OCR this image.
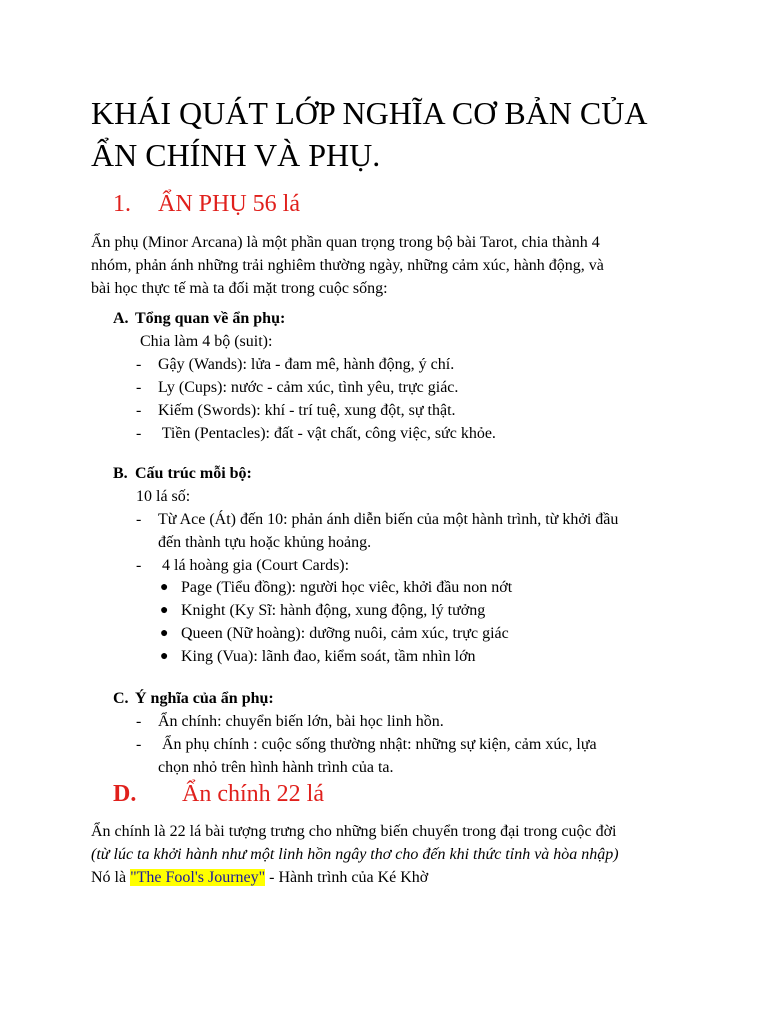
KHÁI QUÁT LỚP NGHĨA CƠ BẢN CỦA
ẨN CHÍNH VÀ PHỤ.
1. ẨN PHỤ 56 lá

Ẩn phụ (Minor Arcana) là một phần quan trọng trong bộ bài Tarot, chia thành 4
nhóm, phản ánh những trải nghiêm thường ngày, những cảm xúc, hành động, và
bài học thực tế mà ta đối mặt trong cuộc sống:

A. Tổng quan về ẩn phụ:
Chia làm 4 bộ (suit):
- Gậy (Wands): lửa - đam mê, hành động, ý chí.
- Ly (Cups): nước - cảm xúc, tình yêu, trực giác.
- Kiếm (Swords): khí - trí tuệ, xung đột, sự thật.
- Tiền (Pentacles): đất - vật chất, công việc, sức khỏe.
B. Cấu trúc mỗi bộ:
10 lá số:
- Từ Ace (Át) đến 10: phản ánh diễn biến của một hành trình, từ khởi đầu
đến thành tựu hoặc khủng hoảng.
- 4 lá hoàng gia (Court Cards):
● Page (Tiểu đồng): người học viêc, khởi đầu non nớt
● Knight (Ky Sĩ: hành động, xung động, lý tưởng
● Queen (Nữ hoàng): dưỡng nuôi, cảm xúc, trực giác
● King (Vua): lãnh đao, kiểm soát, tầm nhìn lớn
C. Ý nghĩa của ẩn phụ:
- Ẩn chính: chuyển biến lớn, bài học linh hồn.
- Ẩn phụ chính : cuộc sống thường nhật: những sự kiện, cảm xúc, lựa
chọn nhỏ trên hình hành trình của ta.
D. Ẩn chính 22 lá

Ẩn chính là 22 lá bài tượng trưng cho những biến chuyển trong đại trong cuộc đời
(từ lúc ta khởi hành như một linh hồn ngây thơ cho đến khi thức tỉnh và hòa nhập)
Nó là "The Fool's Journey" - Hành trình của Ké Khờ
